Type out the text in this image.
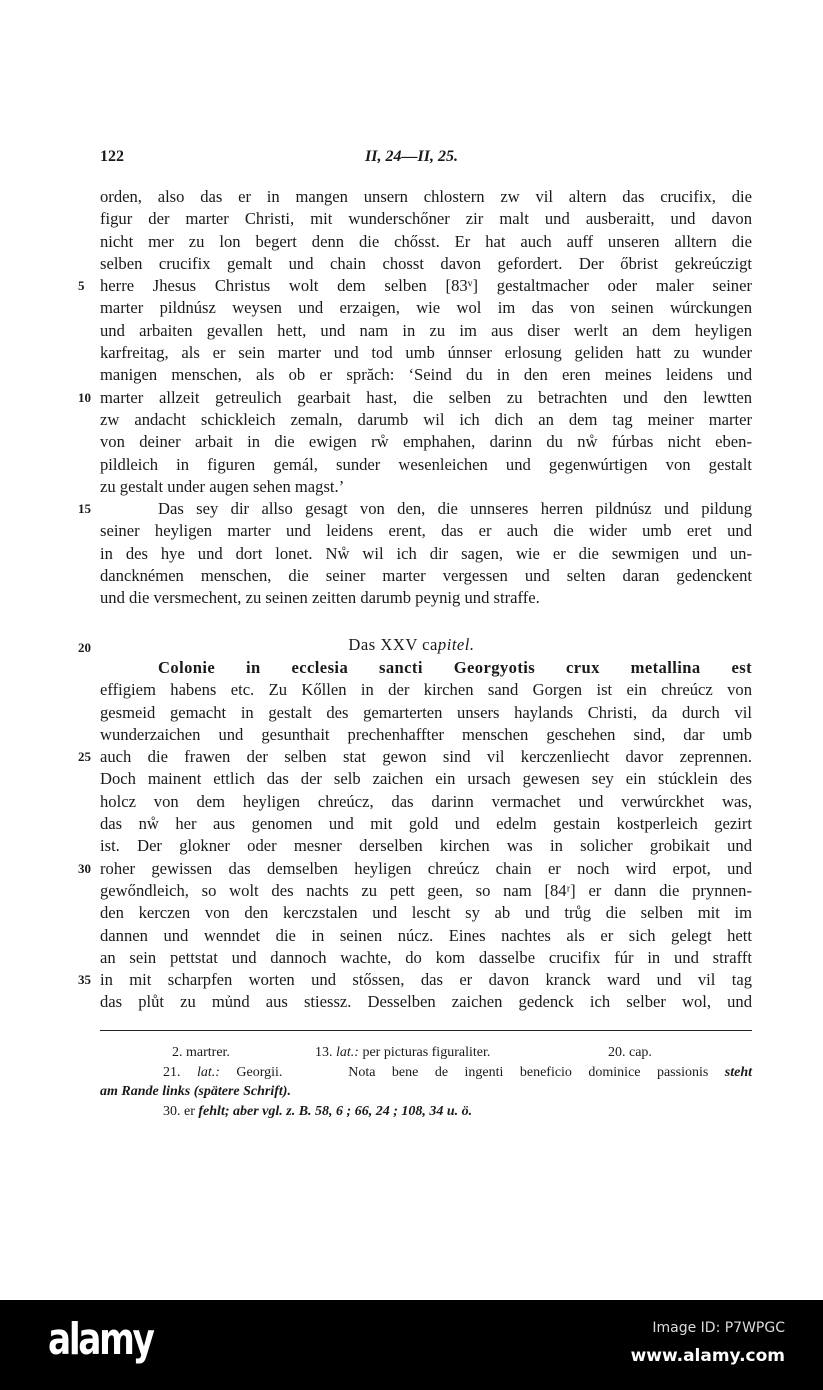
122	II, 24—II, 25.
orden, also das er in mangen unsern chlostern zw vil altern das crucifix, die
figur der marter Christi, mit wunderschőner zir malt und ausberaitt, und davon
nicht mer zu lon begert denn die chősst. Er hat auch auff unseren alltern die
selben crucifix gemalt und chain chosst davon gefordert. Der őbrist gekreúczigt
5 herre Jhesus Christus wolt dem selben [83ᵛ] gestaltmacher oder maler seiner
marter pildnúsz weysen und erzaigen, wie wol im das von seinen wúrckungen
und arbaiten gevallen hett, und nam in zu im aus diser werlt an dem heyligen
karfreitag, als er sein marter und tod umb únnser erlosung geliden hatt zu wunder
manigen menschen, als ob er sprăch: ‘Seind du in den eren meines leidens und
10 marter allzeit getreulich gearbait hast, die selben zu betrachten und den lewtten
zw andacht schickleich zemaln, darumb wil ich dich an dem tag meiner marter
von deiner arbait in die ewigen rẘ emphahen, darinn du nẘ fúrbas nicht eben-
pildleich in figuren gemál, sunder wesenleichen und gegenwúrtigen von gestalt
zu gestalt under augen sehen magst.’
15	Das sey dir allso gesagt von den, die unnseres herren pildnúsz und pildung
seiner heyligen marter und leidens erent, das er auch die wider umb eret und
in des hye und dort lonet. Nẘ wil ich dir sagen, wie er die sewmigen und un-
dancknémen menschen, die seiner marter vergessen und selten daran gedenckent
und die versmechent, zu seinen zeitten darumb peynig und straffe.
Das XXV capitel.
20
Colonie in ecclesia sancti Georgyotis crux metallina est
effigiem habens etc. Zu Kőllen in der kirchen sand Gorgen ist ein chreúcz von
gesmeid gemacht in gestalt des gemarterten unsers haylands Christi, da durch vil
wunderzaichen und gesunthait prechenhaffter menschen geschehen sind, dar umb
25 auch die frawen der selben stat gewon sind vil kerczenliecht davor zeprennen.
Doch mainent ettlich das der selb zaichen ein ursach gewesen sey ein stúcklein des
holcz von dem heyligen chreúcz, das darinn vermachet und verwúrckhet was,
das nẘ her aus genomen und mit gold und edelm gestain kostperleich gezirt
ist. Der glokner oder mesner derselben kirchen was in solicher grobikait und
30 roher gewissen das demselben heyligen chreúcz chain er noch wird erpot, und
gewőndleich, so wolt des nachts zu pett geen, so nam [84ʳ] er dann die prynnen-
den kerczen von den kerczstalen und lescht sy ab und trůg die selben mit im
dannen und wenndet die in seinen núcz. Eines nachtes als er sich gelegt hett
an sein pettstat und dannoch wachte, do kom dasselbe crucifix fúr in und strafft
35 in mit scharpfen worten und stőssen, das er davon kranck ward und vil tag
das plůt zu mủnd aus stiessz. Desselben zaichen gedenck ich selber wol, und
2. martrer.	13. lat.: per picturas figuraliter.	20. cap.
21. lat.: Georgii.    Nota bene de ingenti beneficio dominice passionis steht
am Rande links (spätere Schrift).
30. er fehlt; aber vgl. z. B. 58, 6 ; 66, 24 ; 108, 34 u. ö.
alamy	Image ID: P7WPGC
www.alamy.com
